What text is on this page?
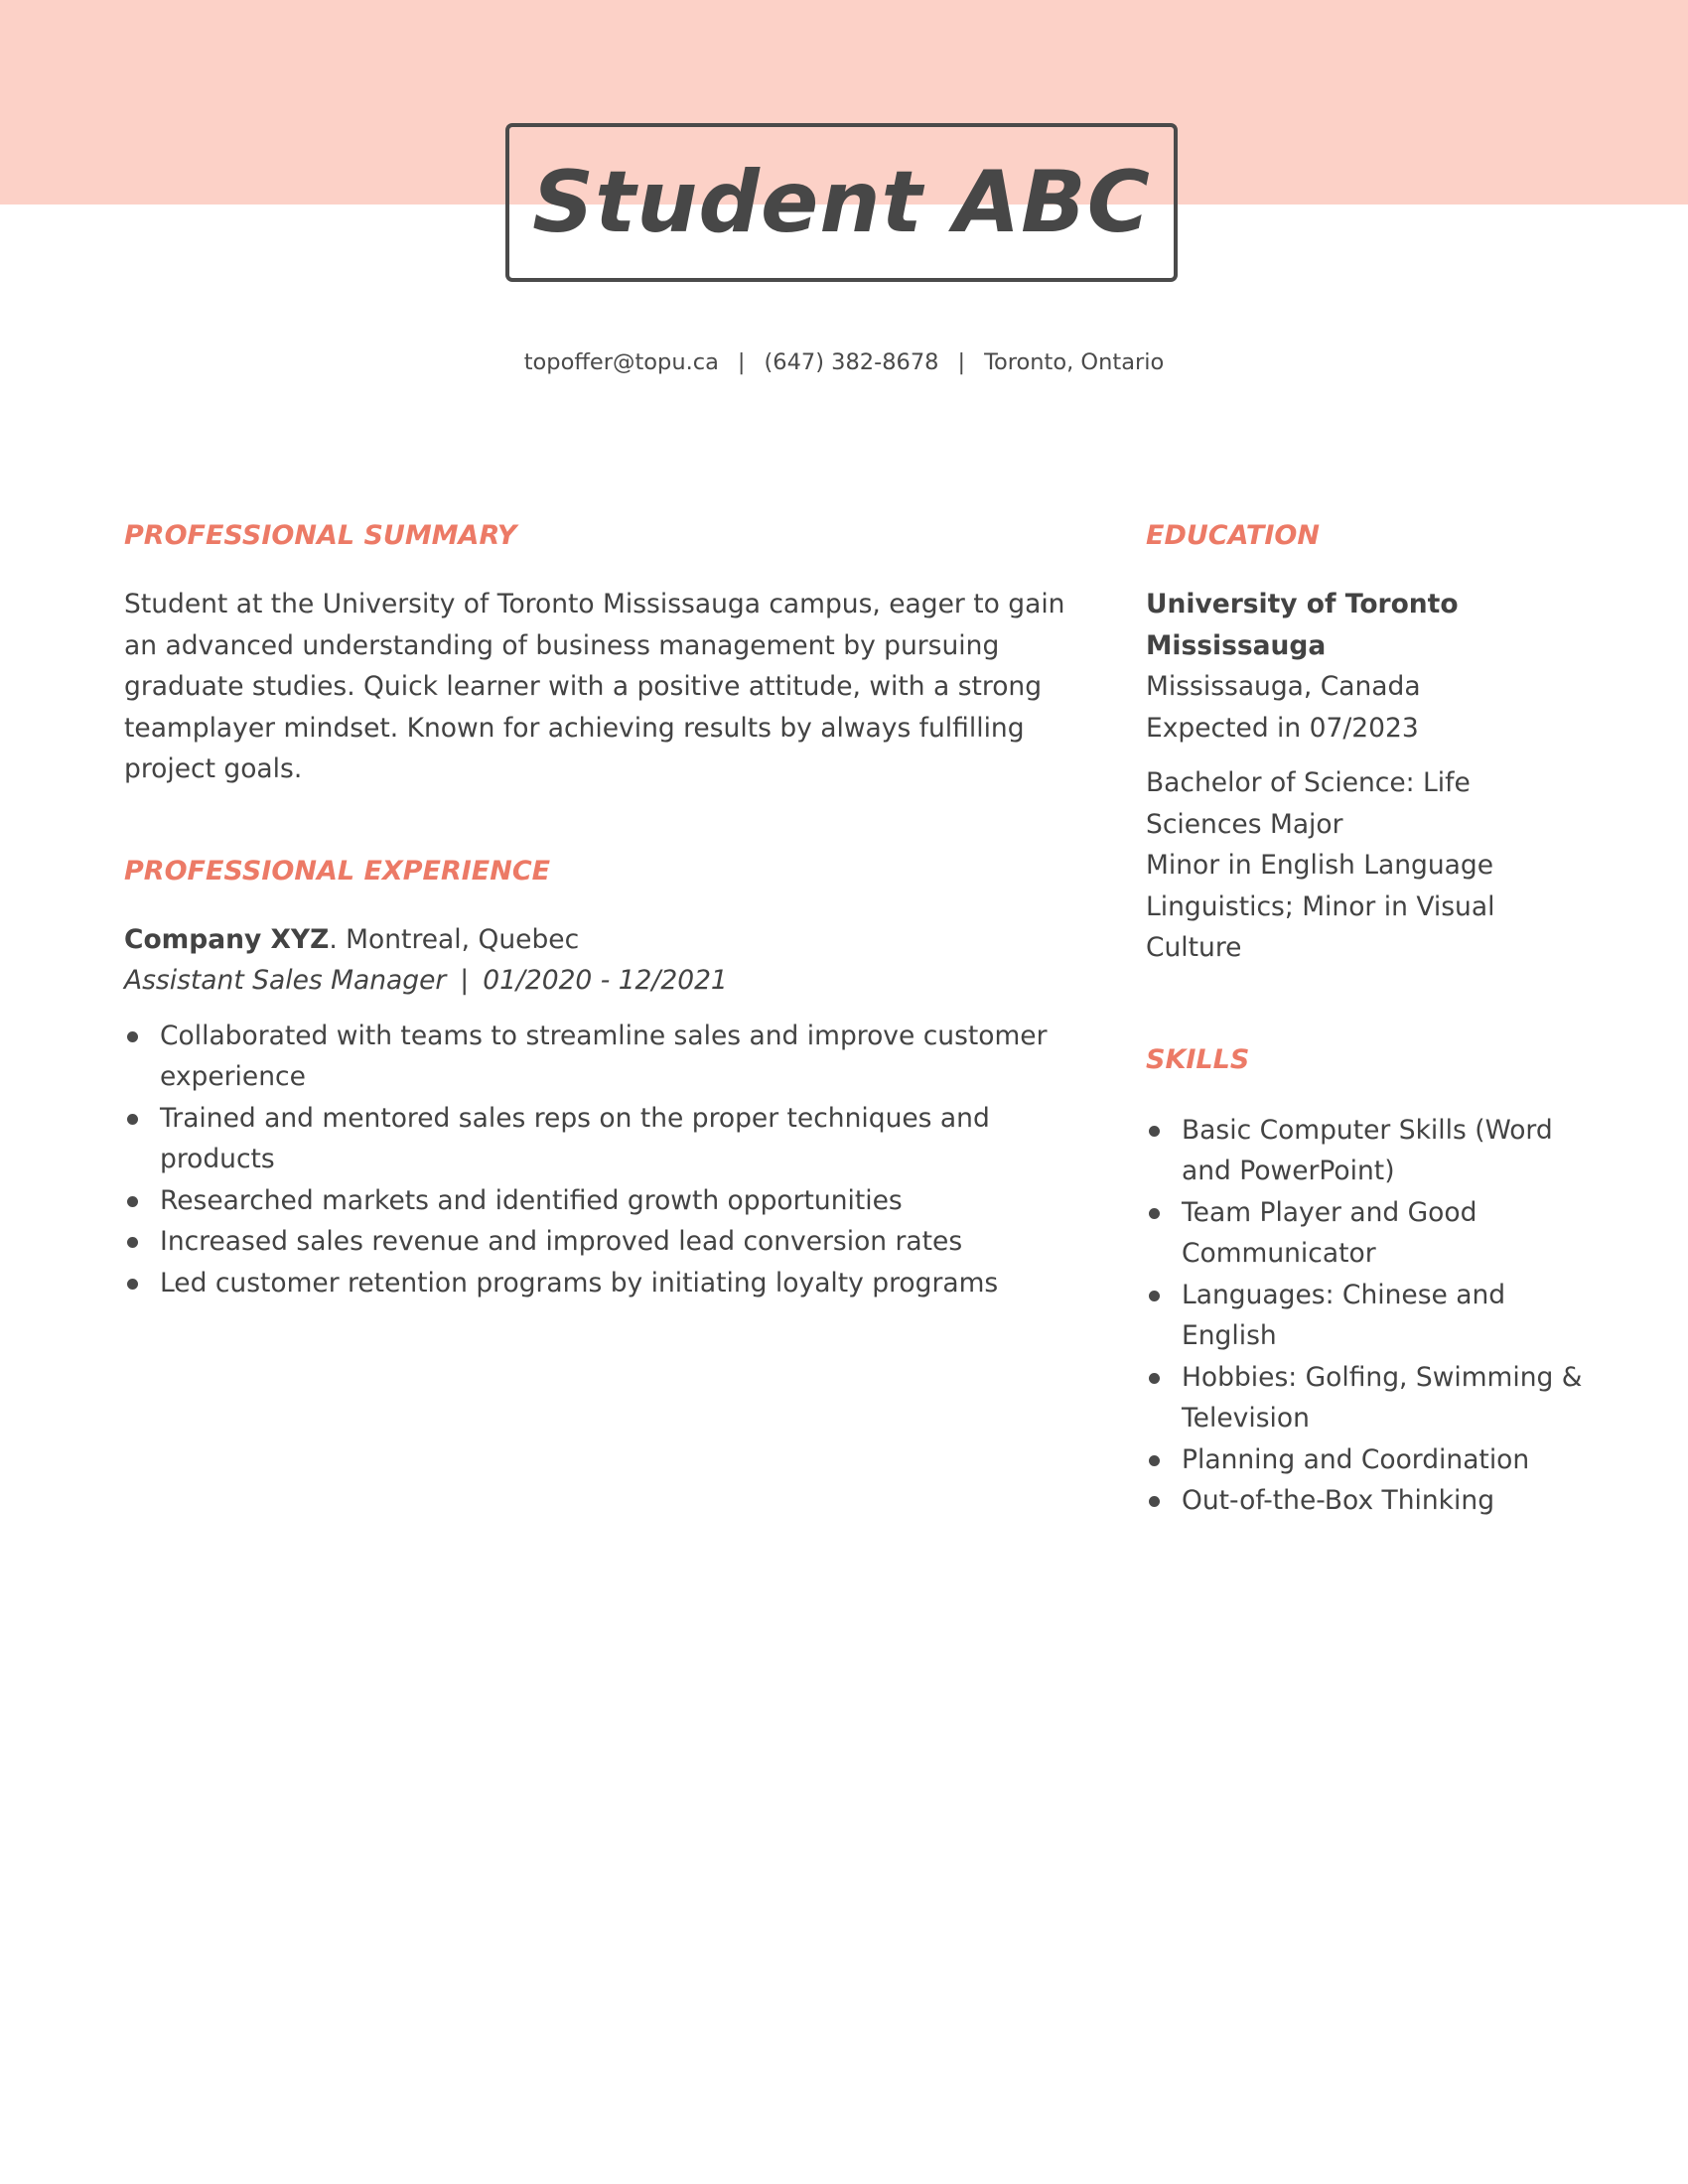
Student ABC
topoffer@topu.ca | (647) 382-8678 | Toronto, Ontario
PROFESSIONAL SUMMARY

Student at the University of Toronto Mississauga campus, eager to gain an advanced understanding of business management by pursuing graduate studies. Quick learner with a positive attitude, with a strong teamplayer mindset. Known for achieving results by always fulfilling project goals.

PROFESSIONAL EXPERIENCE
Company XYZ. Montreal, Quebec
Assistant Sales Manager | 01/2020 - 12/2021
Collaborated with teams to streamline sales and improve customer experience
Trained and mentored sales reps on the proper techniques and products
Researched markets and identified growth opportunities
Increased sales revenue and improved lead conversion rates
Led customer retention programs by initiating loyalty programs
EDUCATION
University of Toronto
Mississauga
Mississauga, Canada
Expected in 07/2023
Bachelor of Science: Life
Sciences Major
Minor in English Language
Linguistics; Minor in Visual
Culture
SKILLS
Basic Computer Skills (Word
and PowerPoint)
Team Player and Good
Communicator
Languages: Chinese and
English
Hobbies: Golfing, Swimming &
Television
Planning and Coordination
Out-of-the-Box Thinking
